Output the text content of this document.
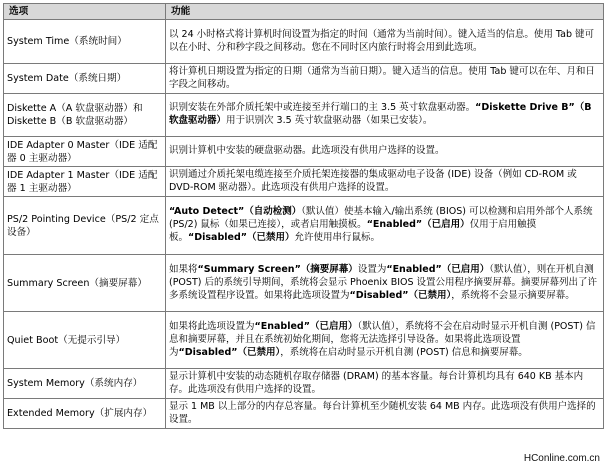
选项	功能
System Time（系统时间）	以 24 小时格式将计算机时间设置为指定的时间（通常为当前时间）。键入适当的信息。使用 Tab 键可以在小时、分和秒字段之间移动。您在不同时区内旅行时将会用到此选项。
System Date（系统日期）	将计算机日期设置为指定的日期（通常为当前日期）。键入适当的信息。使用 Tab 键可以在年、月和日字段之间移动。
Diskette A（A 软盘驱动器）和 Diskette B（B 软盘驱动器）	识别安装在外部介质托架中或连接至并行端口的主 3.5 英寸软盘驱动器。“Diskette Drive B”（B 软盘驱动器）用于识别次 3.5 英寸软盘驱动器（如果已安装）。
IDE Adapter 0 Master（IDE 适配器 0 主驱动器）	识别计算机中安装的硬盘驱动器。此选项没有供用户选择的设置。
IDE Adapter 1 Master（IDE 适配器 1 主驱动器）	识别通过介质托架电缆连接至介质托架连接器的集成驱动电子设备 (IDE) 设备（例如 CD-ROM 或 DVD-ROM 驱动器）。此选项没有供用户选择的设置。
PS/2 Pointing Device（PS/2 定点设备）	“Auto Detect”（自动检测）（默认值）使基本输入/输出系统 (BIOS) 可以检测和启用外部个人系统 (PS/2) 鼠标（如果已连接），或者启用触摸板。“Enabled”（已启用）仅用于启用触摸板。“Disabled”（已禁用）允许使用串行鼠标。
Summary Screen（摘要屏幕）	如果将“Summary Screen”（摘要屏幕）设置为“Enabled”（已启用）（默认值），则在开机自测 (POST) 后的系统引导期间，系统将会显示 Phoenix BIOS 设置公用程序摘要屏幕。摘要屏幕列出了许多系统设置程序设置。如果将此选项设置为“Disabled”（已禁用），系统将不会显示摘要屏幕。
Quiet Boot（无提示引导）	如果将此选项设置为“Enabled”（已启用）（默认值），系统将不会在启动时显示开机自测 (POST) 信息和摘要屏幕，并且在系统初始化期间，您将无法选择引导设备。如果将此选项设置为“Disabled”（已禁用），系统将在启动时显示开机自测 (POST) 信息和摘要屏幕。
System Memory（系统内存）	显示计算机中安装的动态随机存取存储器 (DRAM) 的基本容量。每台计算机均具有 640 KB 基本内存。此选项没有供用户选择的设置。
Extended Memory（扩展内存）	显示 1 MB 以上部分的内存总容量。每台计算机至少随机安装 64 MB 内存。此选项没有供用户选择的设置。
HConline.com.cn
